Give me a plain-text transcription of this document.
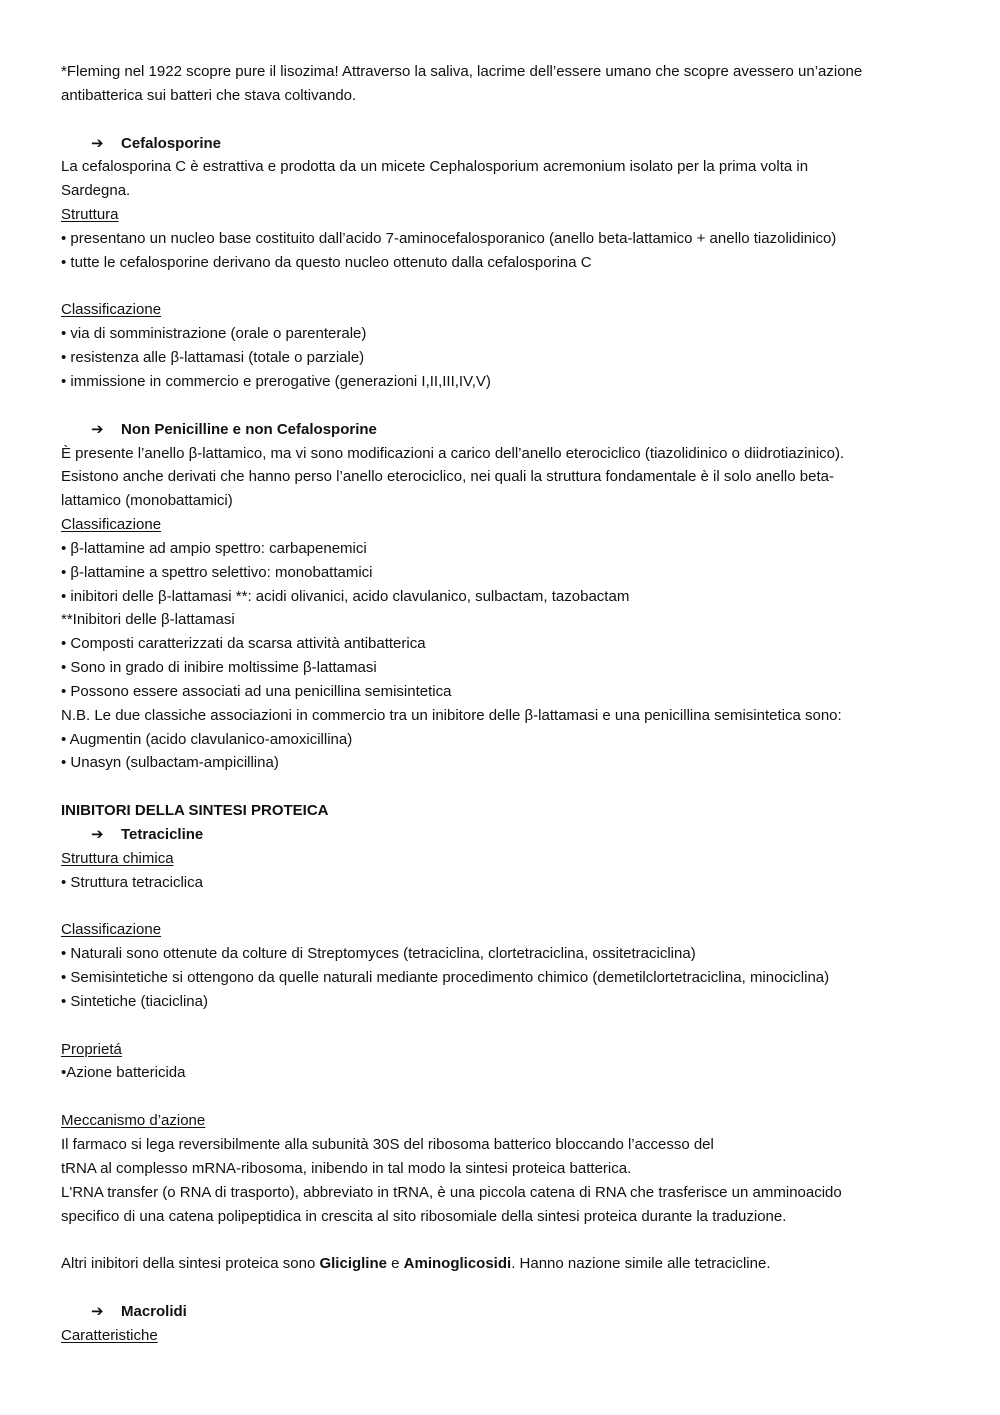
*Fleming nel 1922 scopre pure il lisozima! Attraverso la saliva, lacrime dell’essere umano che scopre avessero un’azione
antibatterica sui batteri che stava coltivando.
➔ Cefalosporine
La cefalosporina C è estrattiva e prodotta da un micete Cephalosporium acremonium isolato per la prima volta in
Sardegna.
Struttura
• presentano un nucleo base costituito dall’acido 7-aminocefalosporanico (anello beta-lattamico + anello tiazolidinico)
• tutte le cefalosporine derivano da questo nucleo ottenuto dalla cefalosporina C
Classificazione
• via di somministrazione (orale o parenterale)
• resistenza alle β-lattamasi (totale o parziale)
• immissione in commercio e prerogative (generazioni I,II,III,IV,V)
➔ Non Penicilline e non Cefalosporine
È presente l’anello β-lattamico, ma vi sono modificazioni a carico dell’anello eterociclico (tiazolidinico o diidrotiazinico).
Esistono anche derivati che hanno perso l’anello eterociclico, nei quali la struttura fondamentale è il solo anello beta-
lattamico (monobattamici)
Classificazione
• β-lattamine ad ampio spettro: carbapenemici
• β-lattamine a spettro selettivo: monobattamici
• inibitori delle β-lattamasi **: acidi olivanici, acido clavulanico, sulbactam, tazobactam
**Inibitori delle β-lattamasi
• Composti caratterizzati da scarsa attività antibatterica
• Sono in grado di inibire moltissime β-lattamasi
• Possono essere associati ad una penicillina semisintetica
N.B. Le due classiche associazioni in commercio tra un inibitore delle β-lattamasi e una penicillina semisintetica sono:
• Augmentin (acido clavulanico-amoxicillina)
• Unasyn (sulbactam-ampicillina)
INIBITORI DELLA SINTESI PROTEICA
➔ Tetracicline
Struttura chimica
• Struttura tetraciclica
Classificazione
• Naturali sono ottenute da colture di Streptomyces (tetraciclina, clortetraciclina, ossitetraciclina)
• Semisintetiche si ottengono da quelle naturali mediante procedimento chimico (demetilclortetraciclina, minociclina)
• Sintetiche (tiaciclina)
Proprietá
•Azione battericida
Meccanismo d’azione
Il farmaco si lega reversibilmente alla subunità 30S del ribosoma batterico bloccando l’accesso del
tRNA al complesso mRNA-ribosoma, inibendo in tal modo la sintesi proteica batterica.
L'RNA transfer (o RNA di trasporto), abbreviato in tRNA, è una piccola catena di RNA che trasferisce un amminoacido
specifico di una catena polipeptidica in crescita al sito ribosomiale della sintesi proteica durante la traduzione.
Altri inibitori della sintesi proteica sono Glicigline e Aminoglicosidi. Hanno nazione simile alle tetracicline.
➔ Macrolidi
Caratteristiche
